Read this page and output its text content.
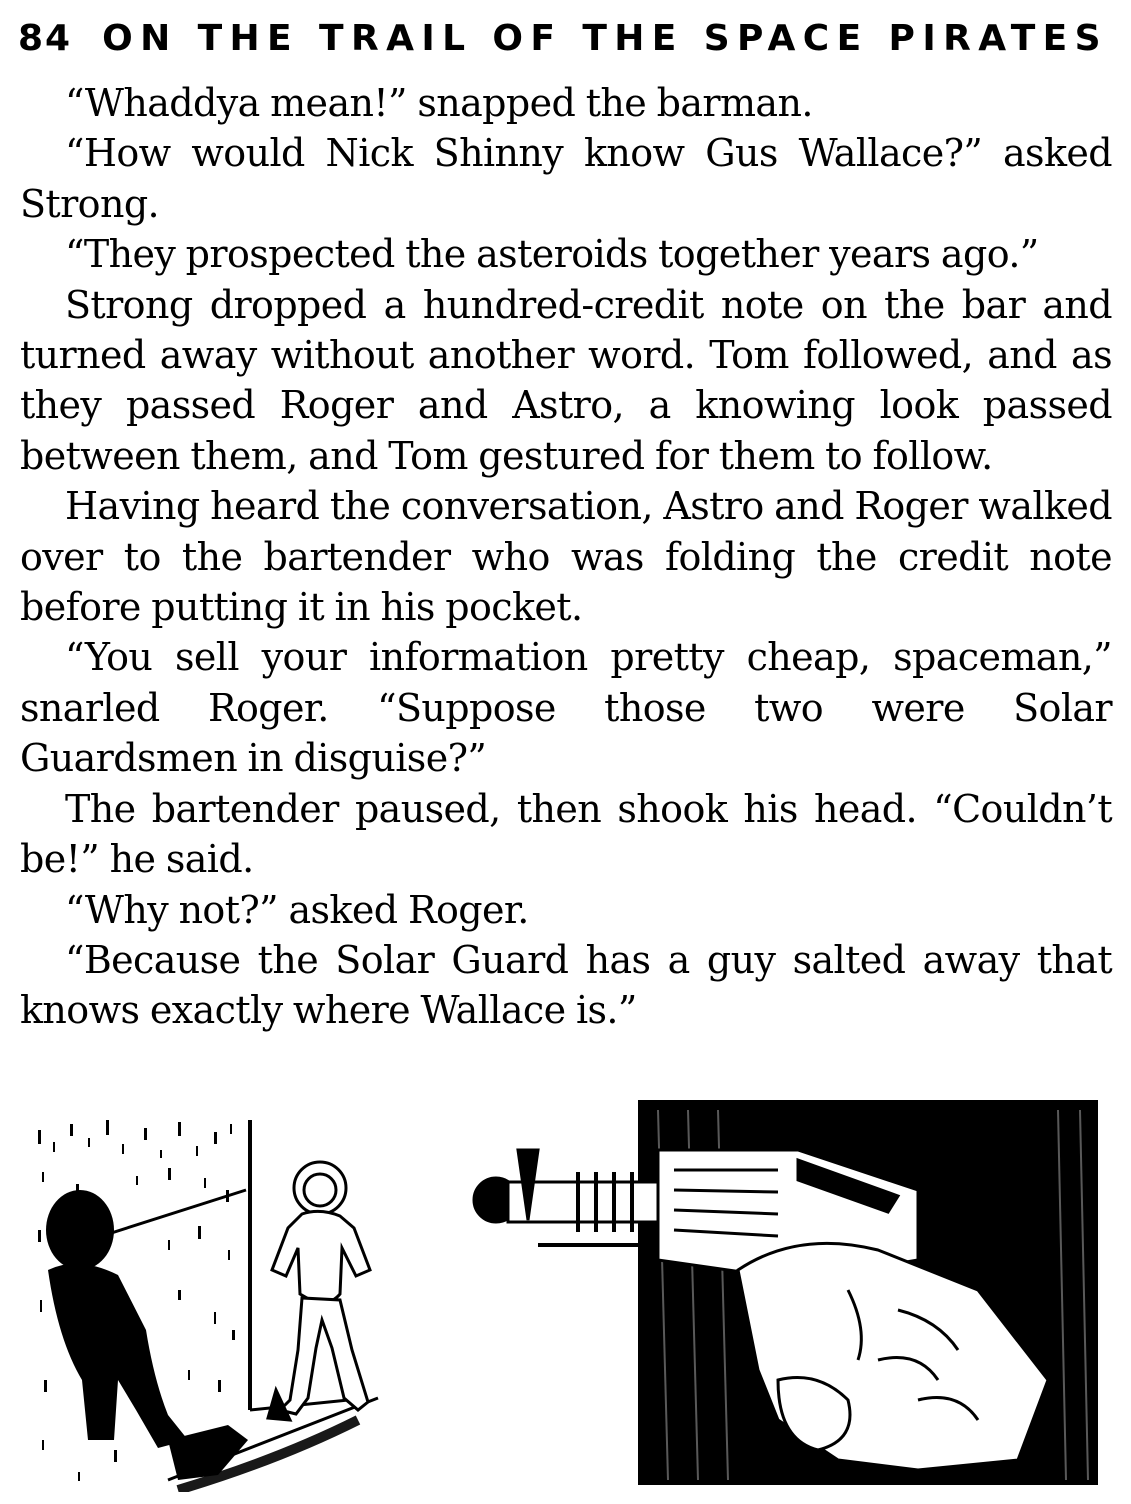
84 ON THE TRAIL OF THE SPACE PIRATES

“Whaddya mean!” snapped the barman.

“How would Nick Shinny know Gus Wallace?” asked Strong.

“They prospected the asteroids together years ago.”

Strong dropped a hundred-credit note on the bar and turned away without another word. Tom followed, and as they passed Roger and Astro, a knowing look passed between them, and Tom gestured for them to follow.

Having heard the conversation, Astro and Roger walked over to the bartender who was folding the credit note before putting it in his pocket.

“You sell your information pretty cheap, spaceman,” snarled Roger. “Suppose those two were Solar Guardsmen in disguise?”

The bartender paused, then shook his head. “Couldn’t be!” he said.

“Why not?” asked Roger.

“Because the Solar Guard has a guy salted away that knows exactly where Wallace is.”
